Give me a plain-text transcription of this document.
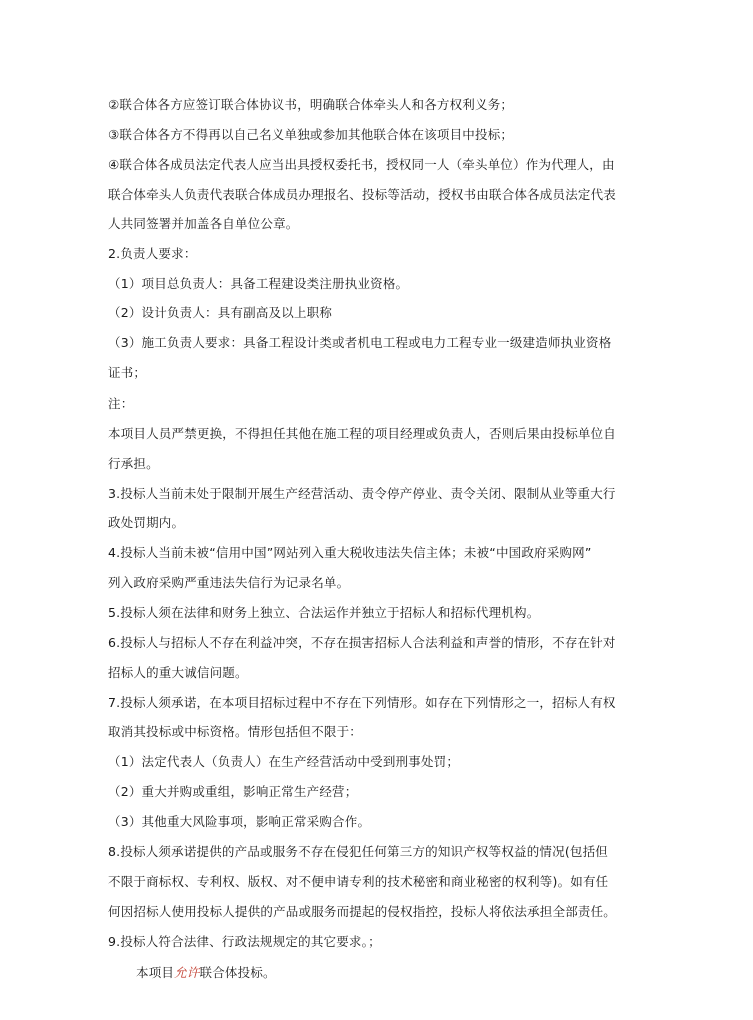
②联合体各方应签订联合体协议书，明确联合体牵头人和各方权利义务；
③联合体各方不得再以自己名义单独或参加其他联合体在该项目中投标；
④联合体各成员法定代表人应当出具授权委托书，授权同一人（牵头单位）作为代理人，由
联合体牵头人负责代表联合体成员办理报名、投标等活动，授权书由联合体各成员法定代表
人共同签署并加盖各自单位公章。
2.负责人要求：
（1）项目总负责人：具备工程建设类注册执业资格。
（2）设计负责人：具有副高及以上职称
（3）施工负责人要求：具备工程设计类或者机电工程或电力工程专业一级建造师执业资格
证书；
注：
本项目人员严禁更换，不得担任其他在施工程的项目经理或负责人，否则后果由投标单位自
行承担。
3.投标人当前未处于限制开展生产经营活动、责令停产停业、责令关闭、限制从业等重大行
政处罚期内。
4.投标人当前未被“信用中国”网站列入重大税收违法失信主体；未被“中国政府采购网”
列入政府采购严重违法失信行为记录名单。
5.投标人须在法律和财务上独立、合法运作并独立于招标人和招标代理机构。
6.投标人与招标人不存在利益冲突，不存在损害招标人合法利益和声誉的情形，不存在针对
招标人的重大诚信问题。
7.投标人须承诺，在本项目招标过程中不存在下列情形。如存在下列情形之一，招标人有权
取消其投标或中标资格。情形包括但不限于：
（1）法定代表人（负责人）在生产经营活动中受到刑事处罚；
（2）重大并购或重组，影响正常生产经营；
（3）其他重大风险事项，影响正常采购合作。
8.投标人须承诺提供的产品或服务不存在侵犯任何第三方的知识产权等权益的情况(包括但
不限于商标权、专利权、版权、对不便申请专利的技术秘密和商业秘密的权利等)。如有任
何因招标人使用投标人提供的产品或服务而提起的侵权指控，投标人将依法承担全部责任。
9.投标人符合法律、行政法规规定的其它要求。；
本项目允许联合体投标。
